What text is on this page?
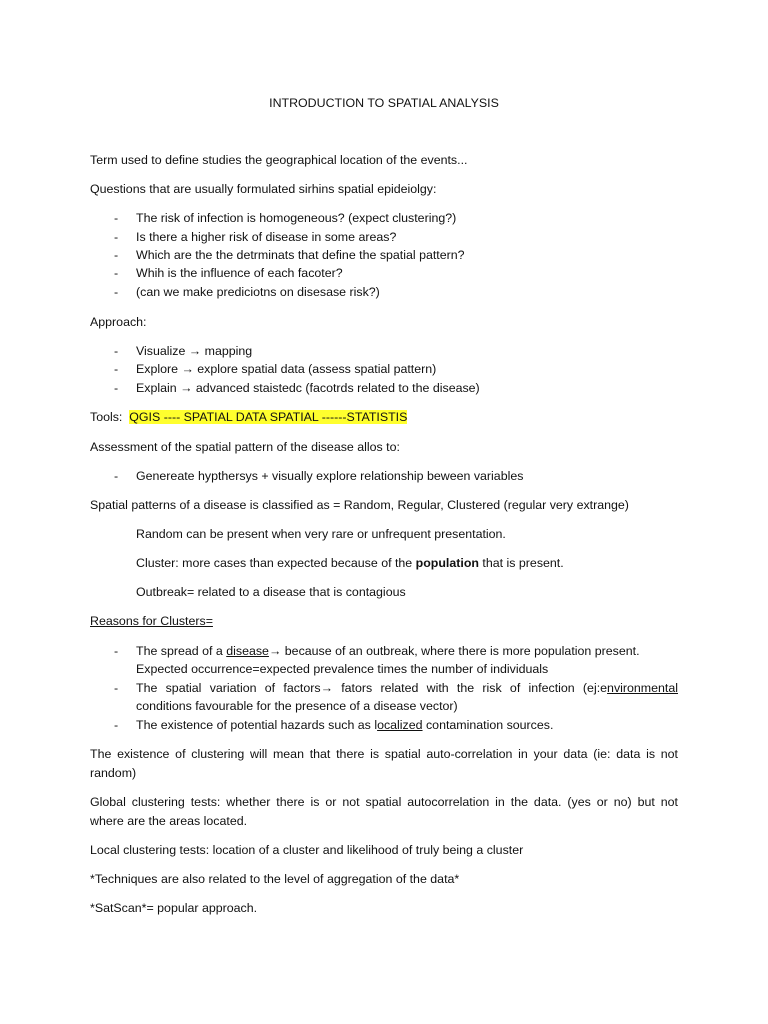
INTRODUCTION TO SPATIAL ANALYSIS
Term used to define studies the geographical location of the events...
Questions that are usually formulated sirhins spatial epideiolgy:
- The risk of infection is homogeneous? (expect clustering?)
- Is there a higher risk of disease in some areas?
- Which are the the detrminats that define the spatial pattern?
- Whih is the influence of each facoter?
- (can we make prediciotns on disesase risk?)
Approach:
- Visualize → mapping
- Explore → explore spatial data (assess spatial pattern)
- Explain → advanced staistedc (facotrds related to the disease)
Tools: QGIS ---- SPATIAL DATA SPATIAL ------STATISTIS
Assessment of the spatial pattern of the disease allos to:
- Genereate hypthersys + visually explore relationship beween variables
Spatial patterns of a disease is classified as = Random, Regular, Clustered (regular very extrange)
Random can be present when very rare or unfrequent presentation.
Cluster: more cases than expected because of the population that is present.
Outbreak= related to a disease that is contagious
Reasons for Clusters=
- The spread of a disease→ because of an outbreak, where there is more population present.
Expected occurrence=expected prevalence times the number of individuals
- The spatial variation of factors→ fators related with the risk of infection (ej:environmental
conditions favourable for the presence of a disease vector)
- The existence of potential hazards such as localized contamination sources.
The existence of clustering will mean that there is spatial auto-correlation in your data (ie: data is not
random)
Global clustering tests: whether there is or not spatial autocorrelation in the data. (yes or no) but not
where are the areas located.
Local clustering tests: location of a cluster and likelihood of truly being a cluster
*Techniques are also related to the level of aggregation of the data*
*SatScan*= popular approach.
